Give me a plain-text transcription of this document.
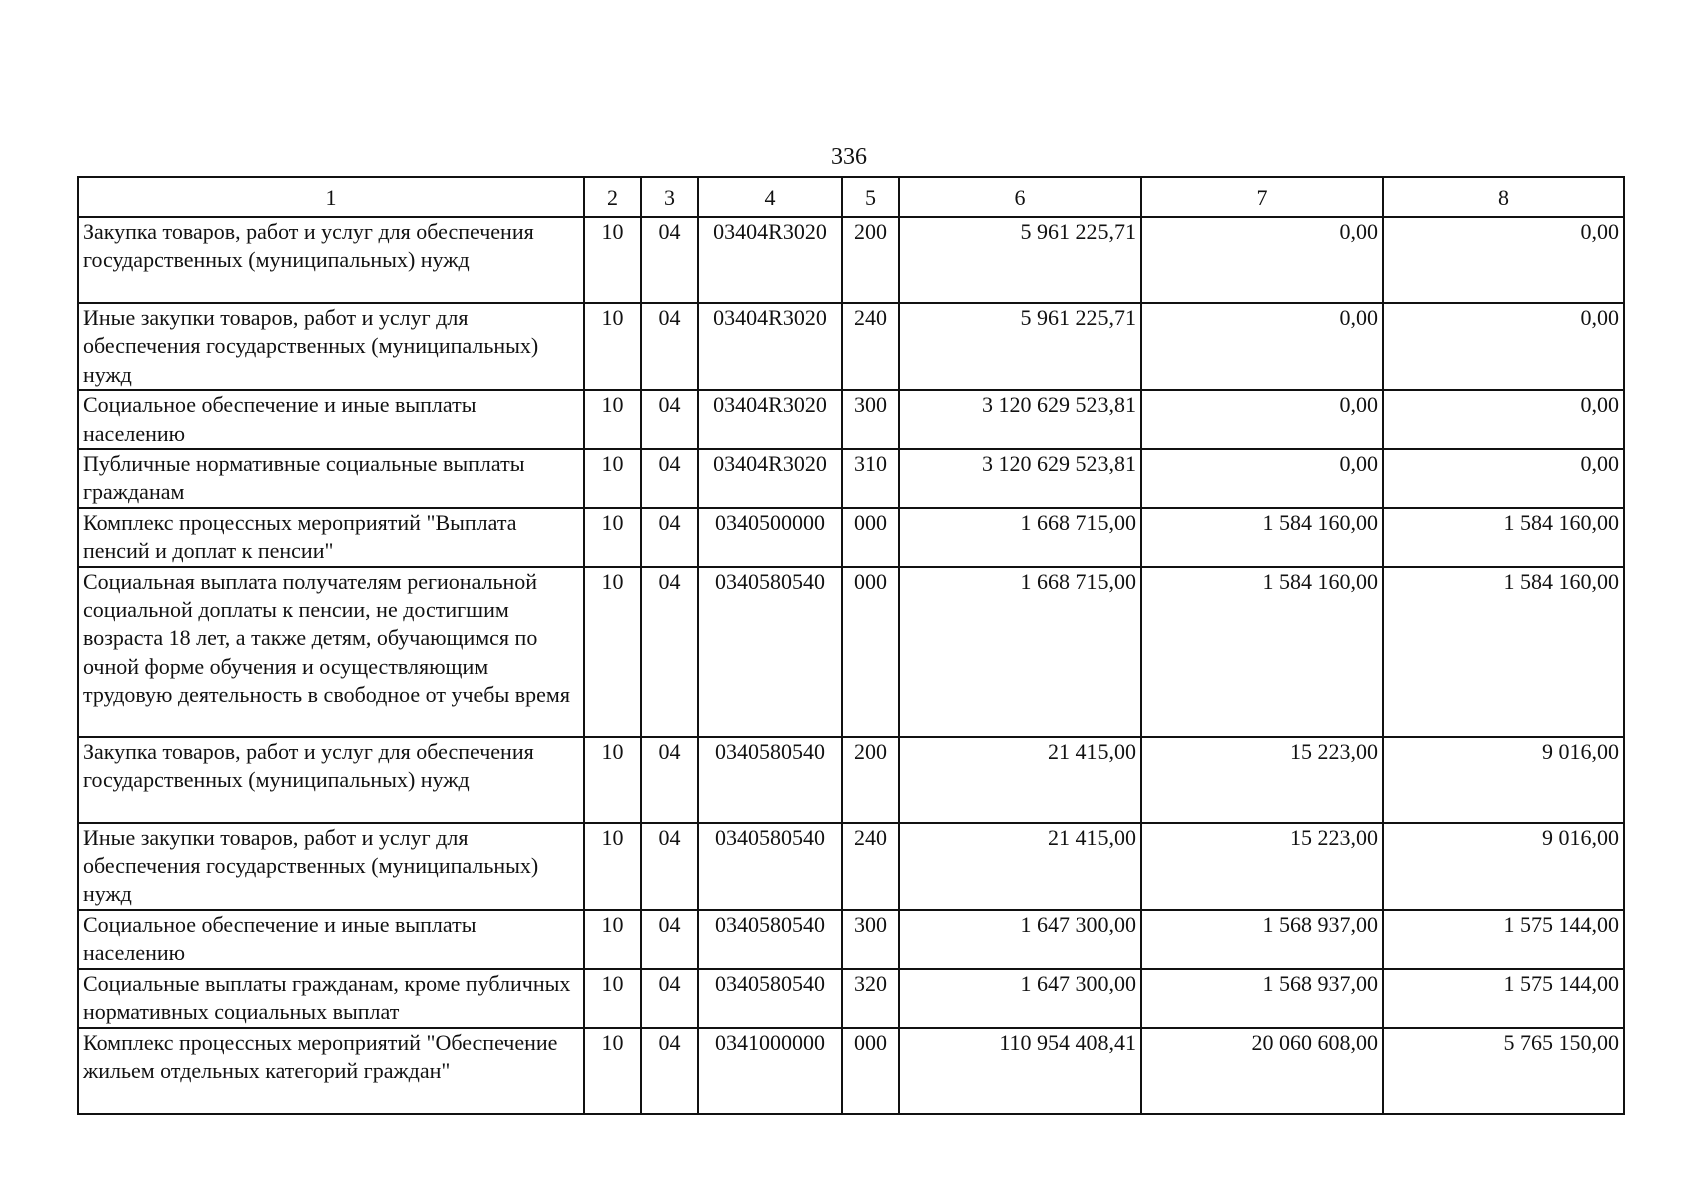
336
1	2	3	4	5	6	7	8
Закупка товаров, работ и услуг для обеспечения государственных (муниципальных) нужд	10	04	03404R3020	200	5 961 225,71	0,00	0,00
Иные закупки товаров, работ и услуг для обеспечения государственных (муниципальных) нужд	10	04	03404R3020	240	5 961 225,71	0,00	0,00
Социальное обеспечение и иные выплаты населению	10	04	03404R3020	300	3 120 629 523,81	0,00	0,00
Публичные нормативные социальные выплаты гражданам	10	04	03404R3020	310	3 120 629 523,81	0,00	0,00
Комплекс процессных мероприятий "Выплата пенсий и доплат к пенсии"	10	04	0340500000	000	1 668 715,00	1 584 160,00	1 584 160,00
Социальная выплата получателям региональной социальной доплаты к пенсии, не достигшим возраста 18 лет, а также детям, обучающимся по очной форме обучения и осуществляющим трудовую деятельность в свободное от учебы время	10	04	0340580540	000	1 668 715,00	1 584 160,00	1 584 160,00
Закупка товаров, работ и услуг для обеспечения государственных (муниципальных) нужд	10	04	0340580540	200	21 415,00	15 223,00	9 016,00
Иные закупки товаров, работ и услуг для обеспечения государственных (муниципальных) нужд	10	04	0340580540	240	21 415,00	15 223,00	9 016,00
Социальное обеспечение и иные выплаты населению	10	04	0340580540	300	1 647 300,00	1 568 937,00	1 575 144,00
Социальные выплаты гражданам, кроме публичных нормативных социальных выплат	10	04	0340580540	320	1 647 300,00	1 568 937,00	1 575 144,00
Комплекс процессных мероприятий "Обеспечение жильем отдельных категорий граждан"	10	04	0341000000	000	110 954 408,41	20 060 608,00	5 765 150,00
